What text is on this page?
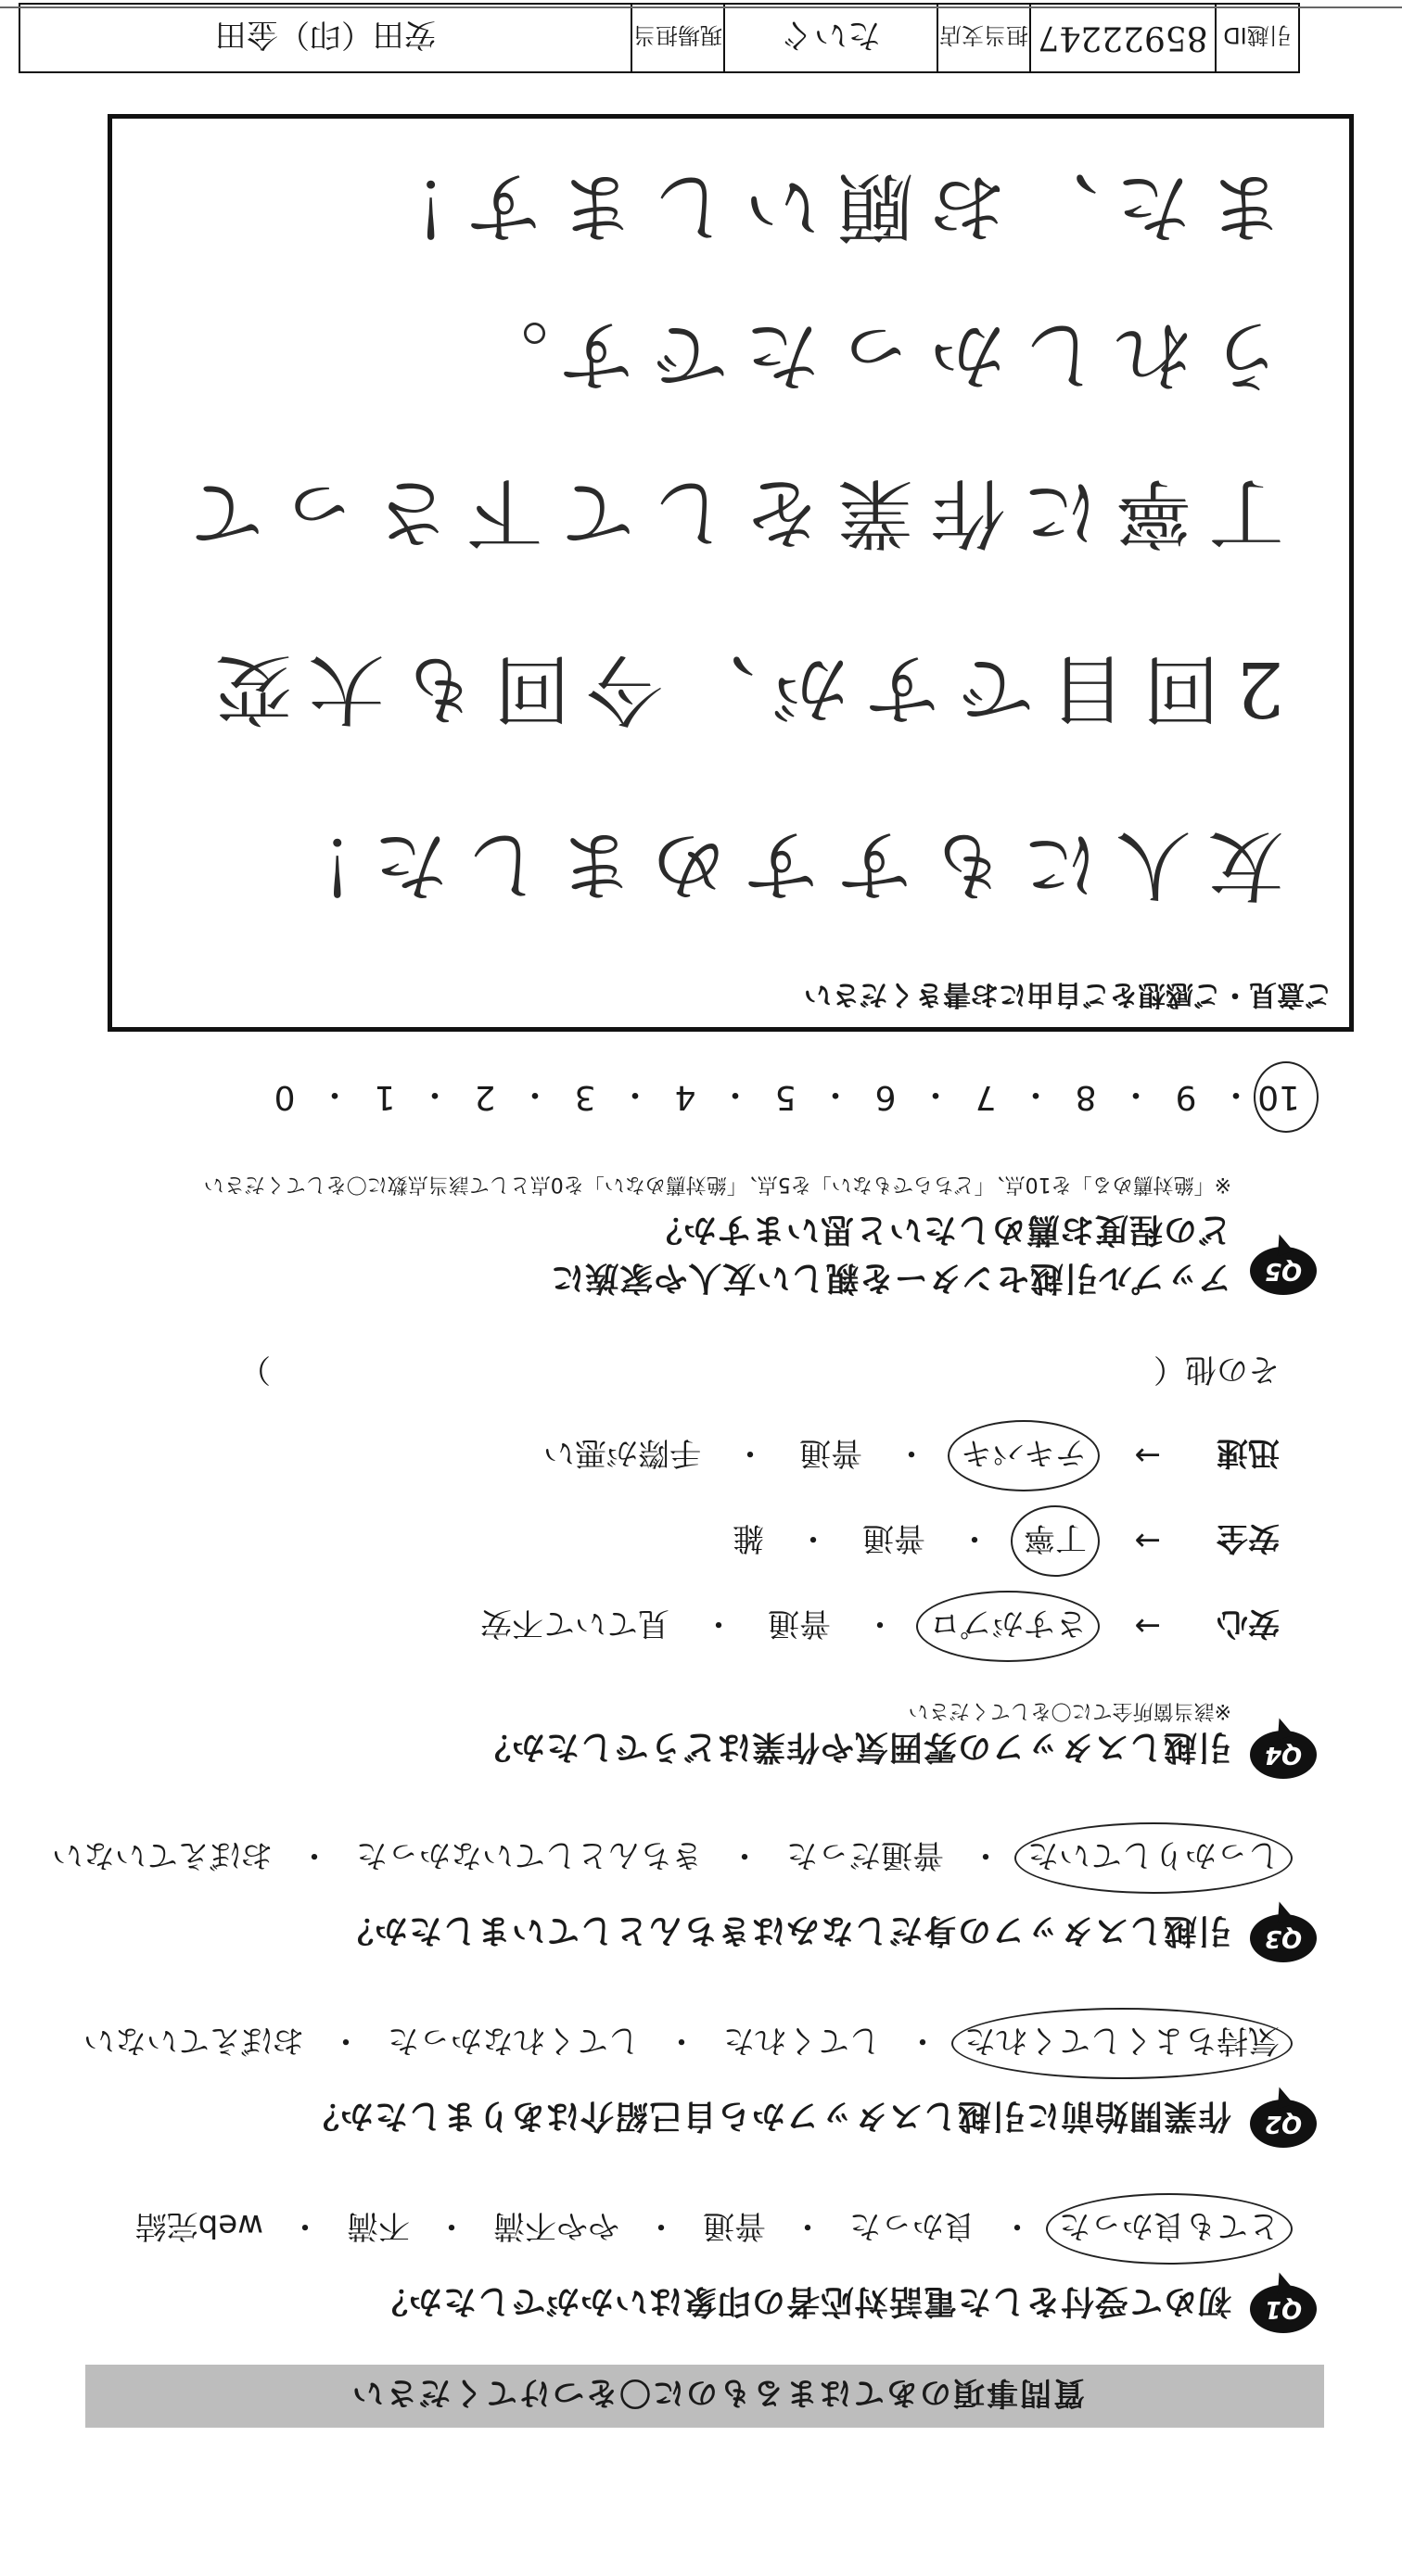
質問事項のあてはまるものに〇をつけてください
Q1
初めて受付をした電話対応者の印象はいかがでしたか？
とても良かった
・
良かった
・
普通
・
やや不満
・
不満
・
web完結
Q2
作業開始前に引越しスタッフから自己紹介はありましたか？
気持ちよくしてくれた
・
してくれた
・
してくれなかった
・
おぼえていない
Q3
引越しスタッフの身だしなみはきちんとしていましたか？
しっかりしていた
・
普通だった
・
きちんとしていなかった
・
おぼえていない
Q4
引越しスタッフの雰囲気や作業はどうでしたか？
※該当箇所全てに〇をしてください
安心
→
さすがプロ
・
普通
・
見ていて不安
安全
→
丁寧
・
普通
・
雑
迅速
→
テキパキ
・
普通
・
手際が悪い
その他（　　　　　　　　　　　　　　　　　　　　　　　　　　　　）
Q5
アップル引越センターを親しい友人や家族に
どの程度お薦めしたいと思いますか？
※「絶対薦める」を10点、「どちらでもない」を5点、「絶対薦めない」を0点として該当点数に〇をしてください
10
・
9
・
8
・
7
・
6
・
5
・
4
・
3
・
2
・
1
・
0
ご意見・ご感想をご自由にお書きください
友人にもすすめました！
2回目ですが、今回も大変
丁寧に作業をして下さって
うれしかったです。
また、お願いします！
引越ID
85922247
担当支店
たいぐ
現場担当
安田（印）金田
